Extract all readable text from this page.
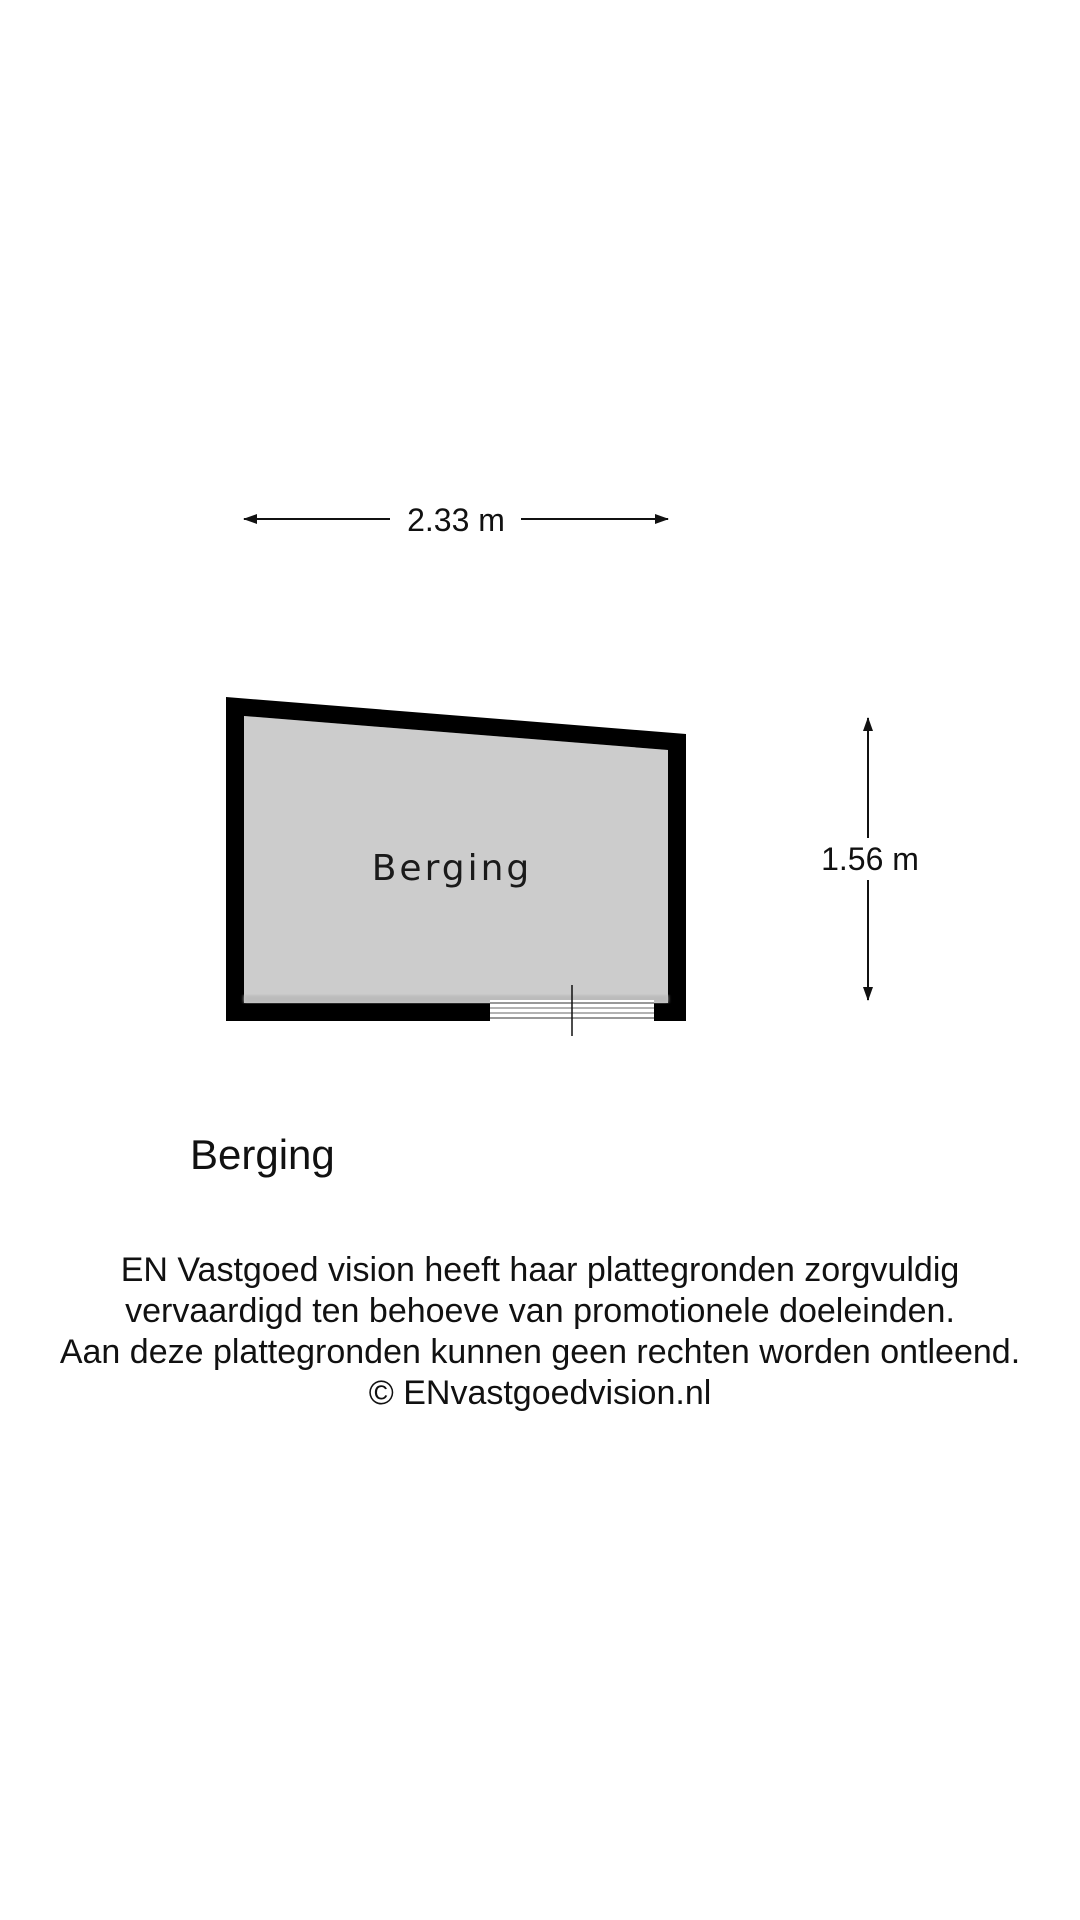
2.33 m
1.56 m
Berging
Berging
EN Vastgoed vision heeft haar plattegronden zorgvuldig
vervaardigd ten behoeve van promotionele doeleinden.
Aan deze plattegronden kunnen geen rechten worden ontleend.
© ENvastgoedvision.nl
